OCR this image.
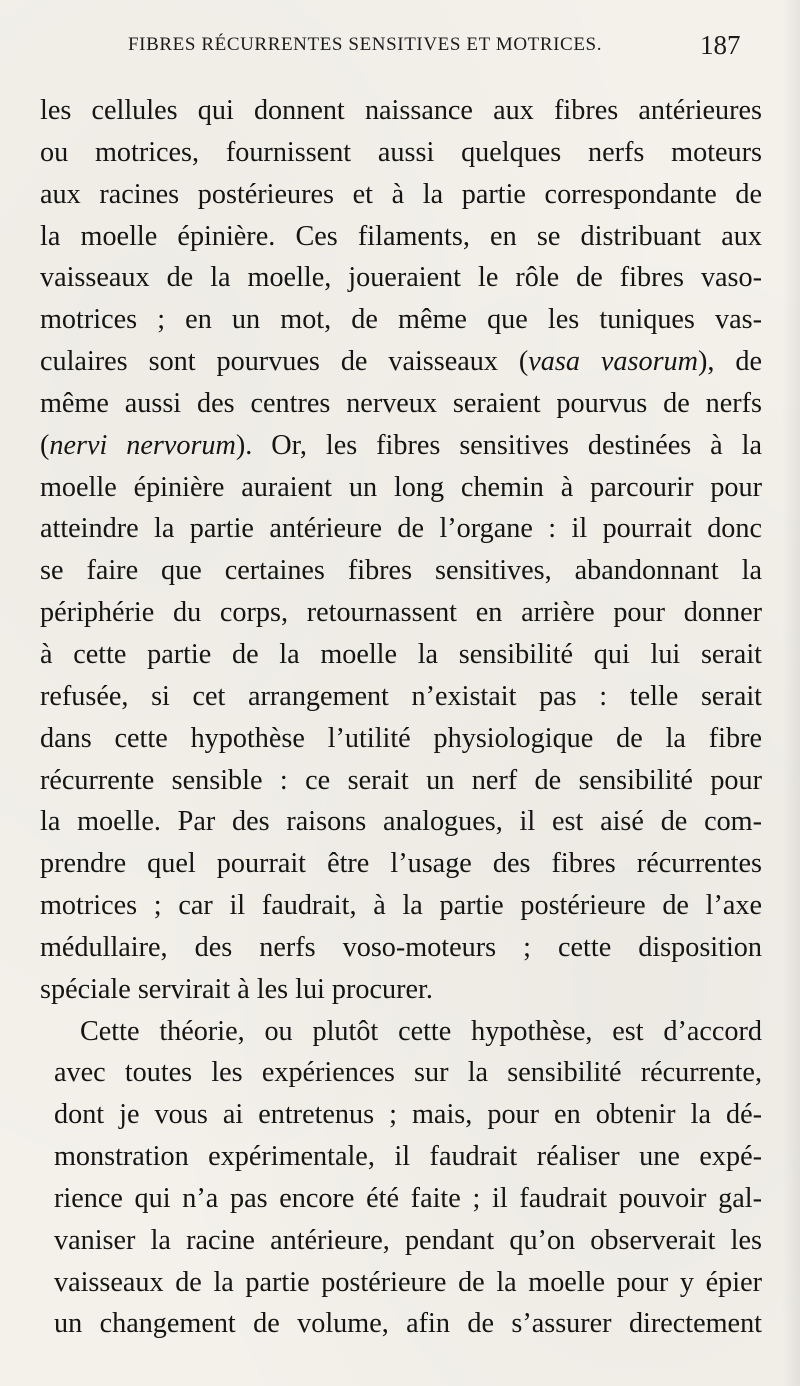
FIBRES RÉCURRENTES SENSITIVES ET MOTRICES.	187
les cellules qui donnent naissance aux fibres antérieures
ou motrices, fournissent aussi quelques nerfs moteurs
aux racines postérieures et à la partie correspondante de
la moelle épinière. Ces filaments, en se distribuant aux
vaisseaux de la moelle, joueraient le rôle de fibres vaso-
motrices ; en un mot, de même que les tuniques vas-
culaires sont pourvues de vaisseaux (vasa vasorum), de
même aussi des centres nerveux seraient pourvus de nerfs
(nervi nervorum). Or, les fibres sensitives destinées à la
moelle épinière auraient un long chemin à parcourir pour
atteindre la partie antérieure de l’organe : il pourrait donc
se faire que certaines fibres sensitives, abandonnant la
périphérie du corps, retournassent en arrière pour donner
à cette partie de la moelle la sensibilité qui lui serait
refusée, si cet arrangement n’existait pas : telle serait
dans cette hypothèse l’utilité physiologique de la fibre
récurrente sensible : ce serait un nerf de sensibilité pour
la moelle. Par des raisons analogues, il est aisé de com-
prendre quel pourrait être l’usage des fibres récurrentes
motrices ; car il faudrait, à la partie postérieure de l’axe
médullaire, des nerfs voso-moteurs ; cette disposition
spéciale servirait à les lui procurer.
Cette théorie, ou plutôt cette hypothèse, est d’accord
avec toutes les expériences sur la sensibilité récurrente,
dont je vous ai entretenus ; mais, pour en obtenir la dé-
monstration expérimentale, il faudrait réaliser une expé-
rience qui n’a pas encore été faite ; il faudrait pouvoir gal-
vaniser la racine antérieure, pendant qu’on observerait les
vaisseaux de la partie postérieure de la moelle pour y épier
un changement de volume, afin de s’assurer directement
